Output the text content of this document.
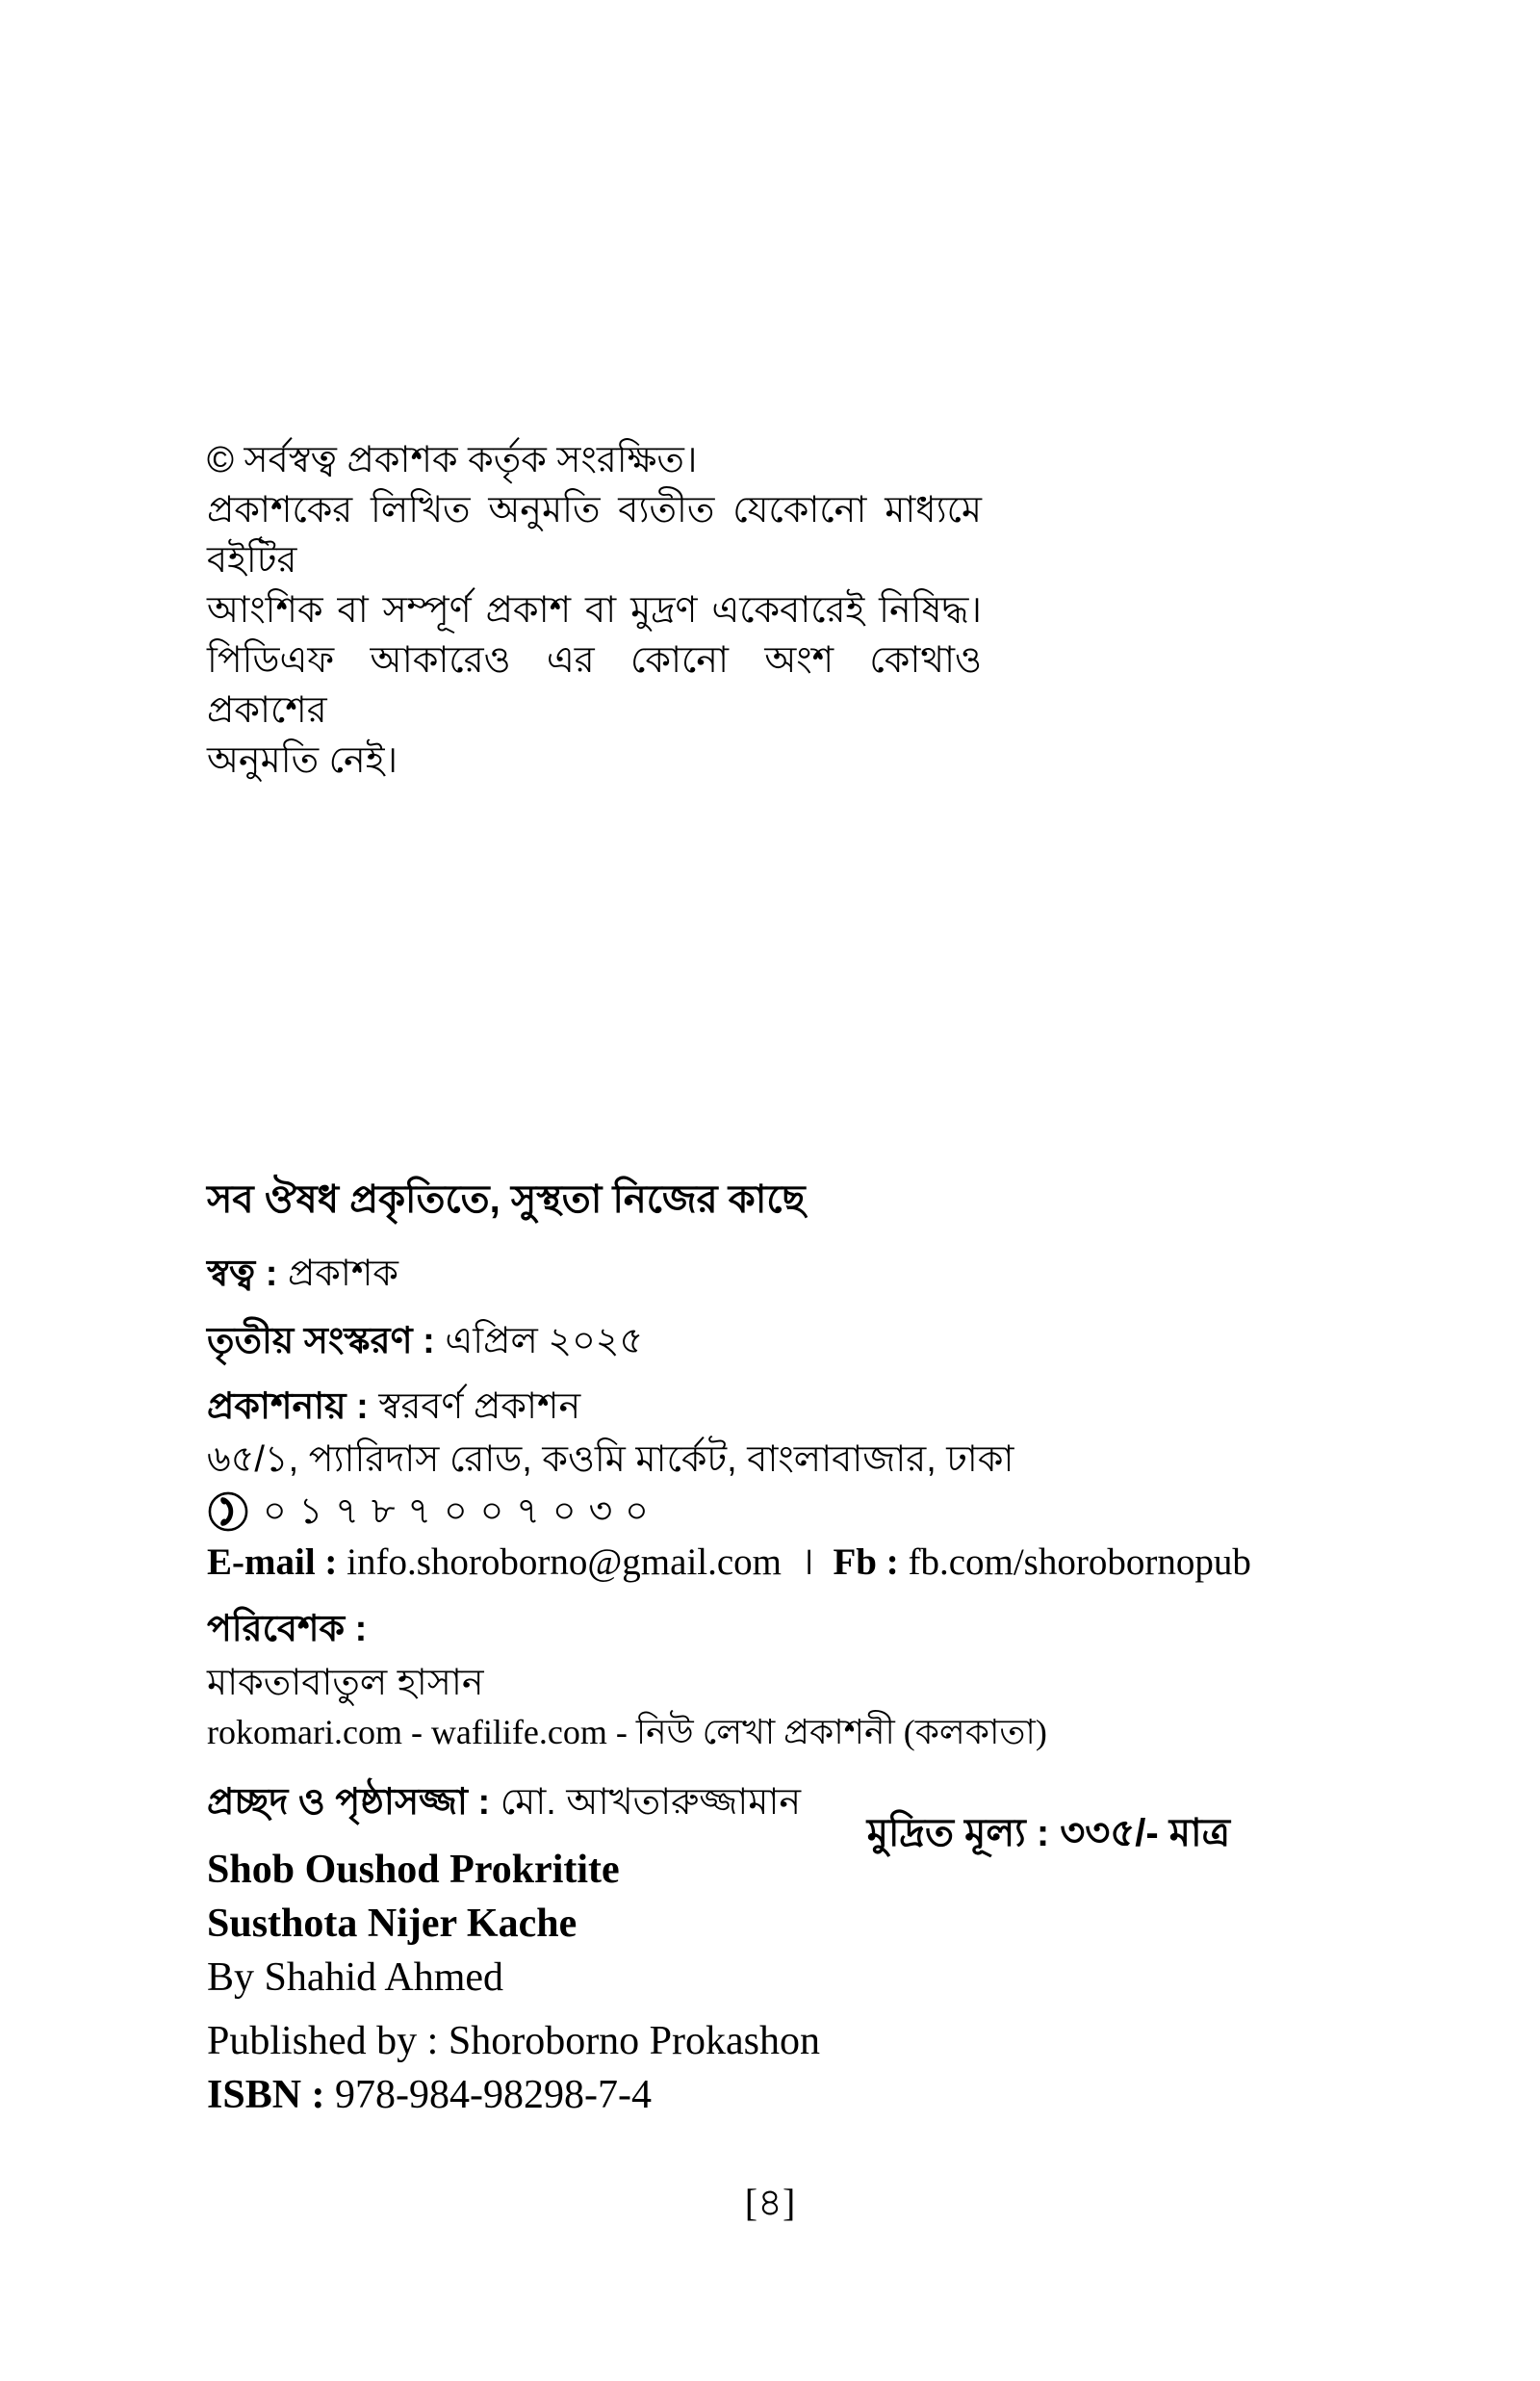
© সর্বস্বত্ব প্রকাশক কর্তৃক সংরক্ষিত।
প্রকাশকের লিখিত অনুমতি ব্যতীত যেকোনো মাধ্যমে বইটির
আংশিক বা সম্পূর্ণ প্রকাশ বা মুদ্রণ একেবারেই নিষিদ্ধ।
পিডিএফ আকারেও এর কোনো অংশ কোথাও প্রকাশের
অনুমতি নেই।
সব ঔষধ প্রকৃতিতে, সুস্থতা নিজের কাছে
স্বত্ব : প্রকাশক
তৃতীয় সংস্করণ : এপ্রিল ২০২৫
প্রকাশনায় : স্বরবর্ণ প্রকাশন
৬৫/১, প্যারিদাস রোড, কওমি মার্কেট, বাংলাবাজার, ঢাকা
০১৭৮৭০০৭০৩০
E-mail : info.shoroborno@gmail.com । Fb : fb.com/shorobornopub
পরিবেশক :
মাকতাবাতুল হাসান
rokomari.com - wafilife.com - নিউ লেখা প্রকাশনী (কলকাতা)
প্রচ্ছদ ও পৃষ্ঠাসজ্জা : মো. আখতারুজ্জামান
Shob Oushod Prokritite
Susthota Nijer Kache
By Shahid Ahmed
Published by : Shoroborno Prokashon
ISBN : 978-984-98298-7-4
মুদ্রিত মূল্য : ৩৩৫/- মাত্র
[৪]
